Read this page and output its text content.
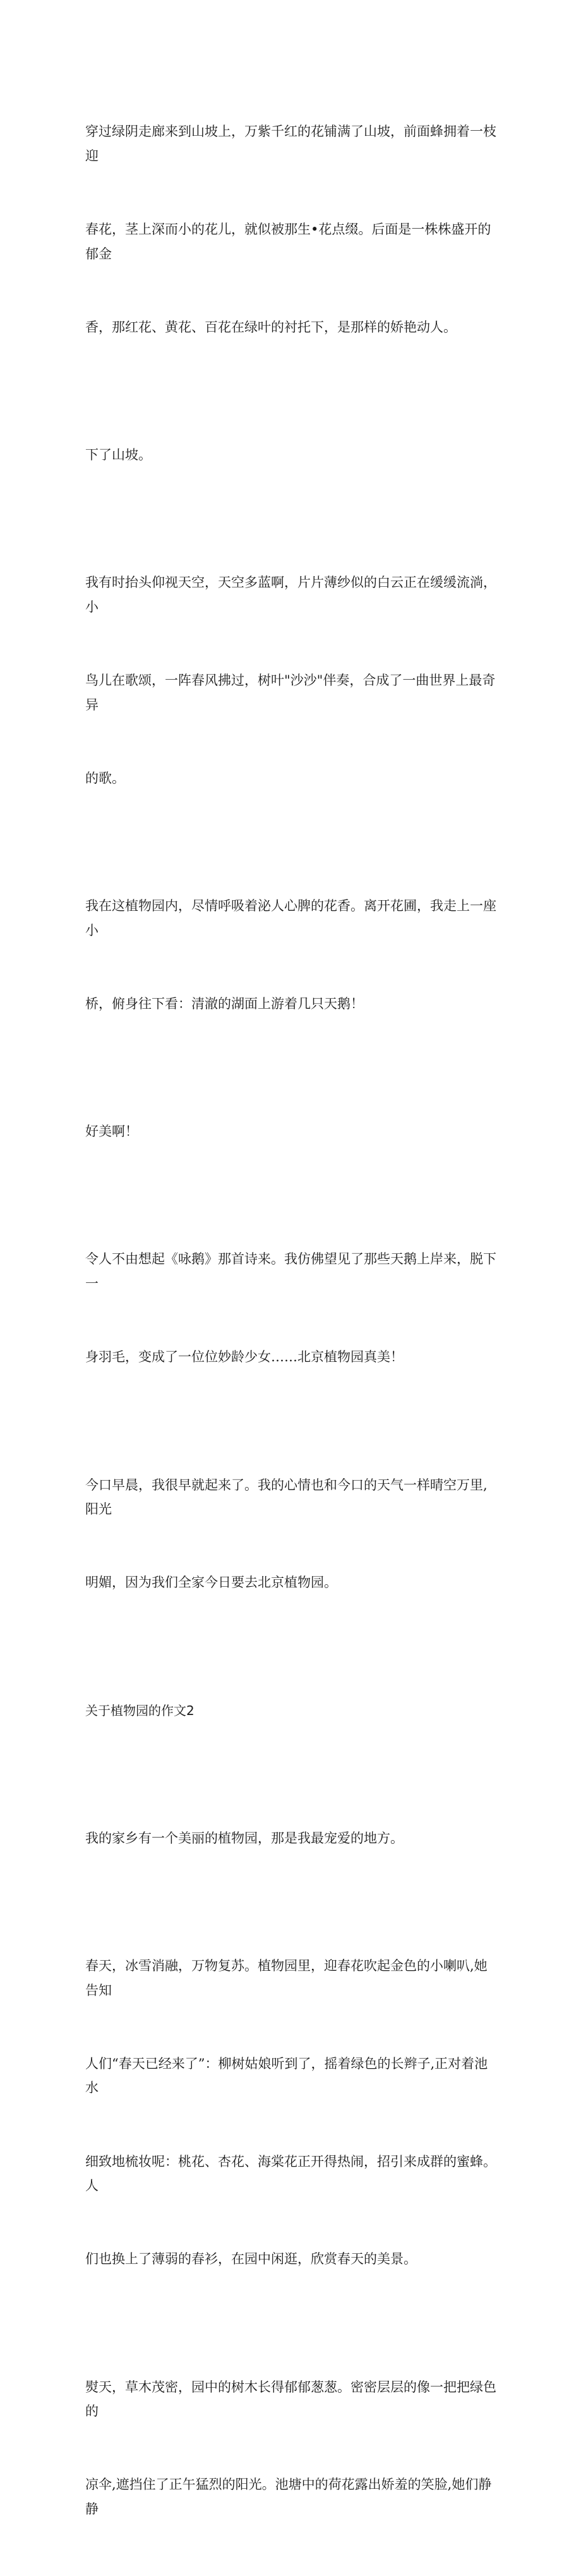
穿过绿阴走廊来到山坡上，万紫千红的花铺满了山坡，前面蜂拥着一枝迎

春花，茎上深而小的花儿，就似被那生•花点缀。后面是一株株盛开的郁金

香，那红花、黄花、百花在绿叶的衬托下，是那样的娇艳动人。

下了山坡。

我有时抬头仰视天空，天空多蓝啊，片片薄纱似的白云正在缓缓流淌，小

鸟儿在歌颂，一阵春风拂过，树叶"沙沙"伴奏，合成了一曲世界上最奇异

的歌。

我在这植物园内，尽情呼吸着泌人心脾的花香。离开花圃，我走上一座小

桥，俯身往下看：清澈的湖面上游着几只天鹅！

好美啊！

令人不由想起《咏鹅》那首诗来。我仿佛望见了那些天鹅上岸来，脱下一

身羽毛，变成了一位位妙龄少女……北京植物园真美！

今口早晨，我很早就起来了。我的心情也和今口的天气一样晴空万里,阳光

明媚，因为我们全家今日要去北京植物园。

关于植物园的作文2

我的家乡有一个美丽的植物园，那是我最宠爱的地方。

春天，冰雪消融，万物复苏。植物园里，迎春花吹起金色的小喇叭,她告知

人们“春天已经来了”：柳树姑娘听到了，摇着绿色的长辫子,正对着池水

细致地梳妆呢：桃花、杏花、海棠花正开得热闹，招引来成群的蜜蜂。人

们也换上了薄弱的春衫，在园中闲逛，欣赏春天的美景。

熨天，草木茂密，园中的树木长得郁郁葱葱。密密层层的像一把把绿色的

凉伞,遮挡住了正午猛烈的阳光。池塘中的荷花露出娇羞的笑脸,她们静静
